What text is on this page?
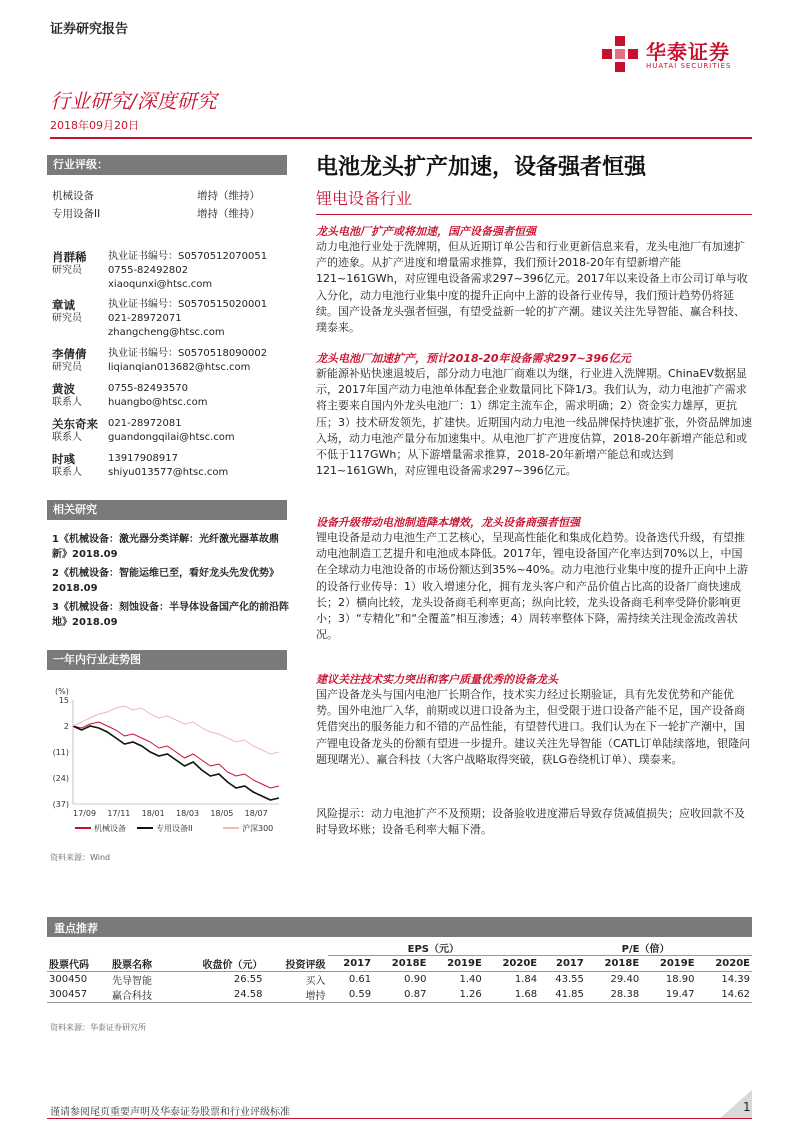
证券研究报告
华泰证券
HUATAI SECURITIES
行业研究/深度研究
2018年09月20日
行业评级：
机械设备	增持（维持）
专用设备II	增持（维持）
肖群稀
研究员
执业证书编号：S0570512070051
0755-82492802
xiaoqunxi@htsc.com
章诚
研究员
执业证书编号：S0570515020001
021-28972071
zhangcheng@htsc.com
李倩倩
研究员
执业证书编号：S0570518090002
liqianqian013682@htsc.com
黄波
联系人
0755-82493570
huangbo@htsc.com
关东奇来
联系人
021-28972081
guandongqilai@htsc.com
时彧
联系人
13917908917
shiyu013577@htsc.com
相关研究
1《机械设备：激光器分类详解：光纤激光器革故鼎新》2018.09
2《机械设备：智能运维已至，看好龙头先发优势》2018.09
3《机械设备：刻蚀设备：半导体设备国产化的前沿阵地》2018.09
一年内行业走势图
(%)
15
2
(11)
(24)
(37)
17/09 17/11 18/01 18/03 18/05 18/07
机械设备	专用设备II	沪深300
资料来源：Wind
电池龙头扩产加速，设备强者恒强
锂电设备行业
龙头电池厂扩产或将加速，国产设备强者恒强
动力电池行业处于洗牌期，但从近期订单公告和行业更新信息来看，龙头电池厂有加速扩产的迹象。从扩产进度和增量需求推算，我们预计2018-20年有望新增产能121~161GWh，对应锂电设备需求297~396亿元。2017年以来设备上市公司订单与收入分化，动力电池行业集中度的提升正向中上游的设备行业传导，我们预计趋势仍将延续。国产设备龙头强者恒强，有望受益新一轮的扩产潮。建议关注先导智能、赢合科技、璞泰来。
龙头电池厂加速扩产，预计2018-20年设备需求297~396亿元
新能源补贴快速退坡后，部分动力电池厂商难以为继，行业进入洗牌期。ChinaEV数据显示，2017年国产动力电池单体配套企业数量同比下降1/3。我们认为，动力电池扩产需求将主要来自国内外龙头电池厂：1）绑定主流车企，需求明确；2）资金实力雄厚，更抗压；3）技术研发领先，扩建快。近期国内动力电池一线品牌保持快速扩张，外资品牌加速入场，动力电池产量分布加速集中。从电池厂扩产进度估算，2018-20年新增产能总和或不低于117GWh；从下游增量需求推算，2018-20年新增产能总和或达到121~161GWh，对应锂电设备需求297~396亿元。
设备升级带动电池制造降本增效，龙头设备商强者恒强
锂电设备是动力电池生产工艺核心，呈现高性能化和集成化趋势。设备迭代升级，有望推动电池制造工艺提升和电池成本降低。2017年，锂电设备国产化率达到70%以上，中国在全球动力电池设备的市场份额达到35%~40%。动力电池行业集中度的提升正向中上游的设备行业传导：1）收入增速分化，拥有龙头客户和产品价值占比高的设备厂商快速成长；2）横向比较，龙头设备商毛利率更高；纵向比较，龙头设备商毛利率受降价影响更小；3）“专精化”和“全覆盖”相互渗透；4）周转率整体下降，需持续关注现金流改善状况。
建议关注技术实力突出和客户质量优秀的设备龙头
国产设备龙头与国内电池厂长期合作，技术实力经过长期验证，具有先发优势和产能优势。国外电池厂入华，前期或以进口设备为主，但受限于进口设备产能不足，国产设备商凭借突出的服务能力和不错的产品性能，有望替代进口。我们认为在下一轮扩产潮中，国产锂电设备龙头的份额有望进一步提升。建议关注先导智能（CATL订单陆续落地，银隆问题现曙光）、赢合科技（大客户战略取得突破，获LG卷绕机订单）、璞泰来。
风险提示：动力电池扩产不及预期；设备验收进度滞后导致存货减值损失；应收回款不及时导致坏账；设备毛利率大幅下滑。
重点推荐
				EPS（元）				P/E（倍）			
股票代码	股票名称	收盘价（元）	投资评级	2017	2018E	2019E	2020E	2017	2018E	2019E	2020E
300450	先导智能	26.55	买入	0.61	0.90	1.40	1.84	43.55	29.40	18.90	14.39
300457	赢合科技	24.58	增持	0.59	0.87	1.26	1.68	41.85	28.38	19.47	14.62
资料来源：华泰证券研究所
谨请参阅尾页重要声明及华泰证券股票和行业评级标准	1
